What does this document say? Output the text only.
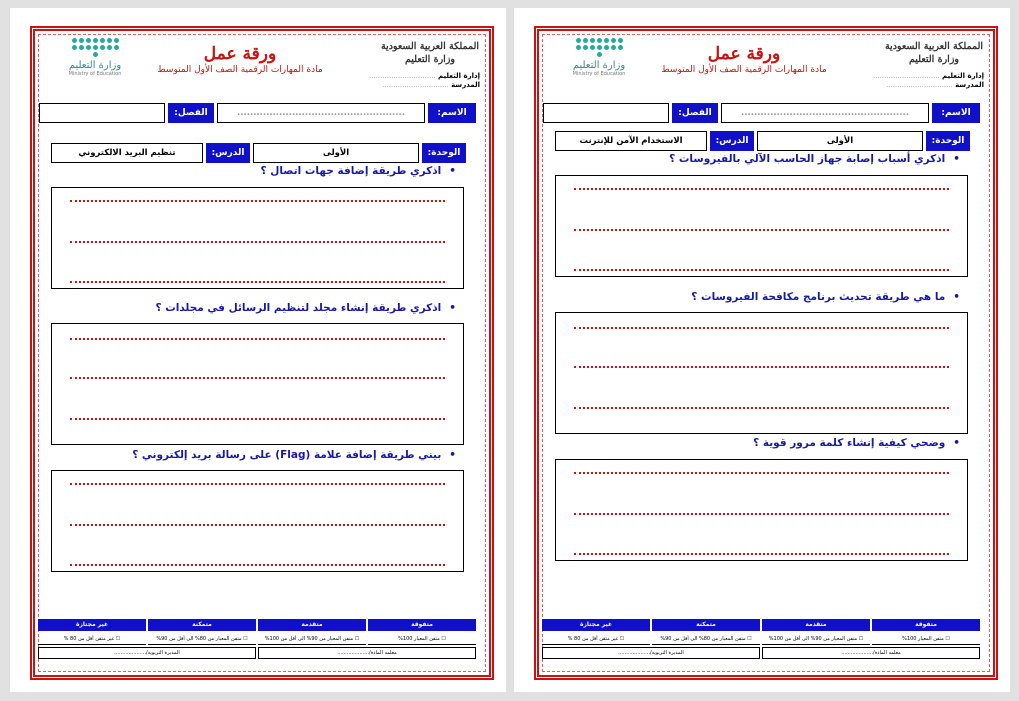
وزارة التعليم
Ministry of Education
ورقة عمل

مادة المهارات الرقمية الصف الأول المتوسط

المملكة العربية السعودية
وزارة التعليم
إدارة التعليم ..............................
المدرسة ..............................
الاسم:
....................................................
الفصل:
الوحدة:
الأولى
الدرس:
الاستخدام الآمن للإنترنت
• اذكري أسباب إصابة جهاز الحاسب الآلي بالفيروسات ؟
• ما هي طريقة تحديث برنامج مكافحة الفيروسات ؟
• وضحي كيفية إنشاء كلمة مرور قوية ؟
متفوقة
متقدمة
متمكنة
غير مجتازة
☐ متقن المعيار 100%
☐ متقن المعيار من 90% الى أقل من 100%
☐ متقن المعيار من 80% الى أقل من 90%
☐ غير متقن أقل من 80 %
معلمة المادة/....................
المديرة التربوية/....................
وزارة التعليم
Ministry of Education
ورقة عمل

مادة المهارات الرقمية الصف الأول المتوسط

المملكة العربية السعودية
وزارة التعليم
إدارة التعليم ..............................
المدرسة ..............................
الاسم:
....................................................
الفصل:
الوحدة:
الأولى
الدرس:
تنظيم البريد الالكتروني
• اذكري طريقة إضافة جهات اتصال ؟
• اذكري طريقة إنشاء مجلد لتنظيم الرسائل في مجلدات ؟
• بيني طريقة إضافة علامة (Flag) على رسالة بريد إلكتروني ؟
متفوقة
متقدمة
متمكنة
غير مجتازة
☐ متقن المعيار 100%
☐ متقن المعيار من 90% الى أقل من 100%
☐ متقن المعيار من 80% الى أقل من 90%
☐ غير متقن أقل من 80 %
معلمة المادة/....................
المديرة التربوية/....................
